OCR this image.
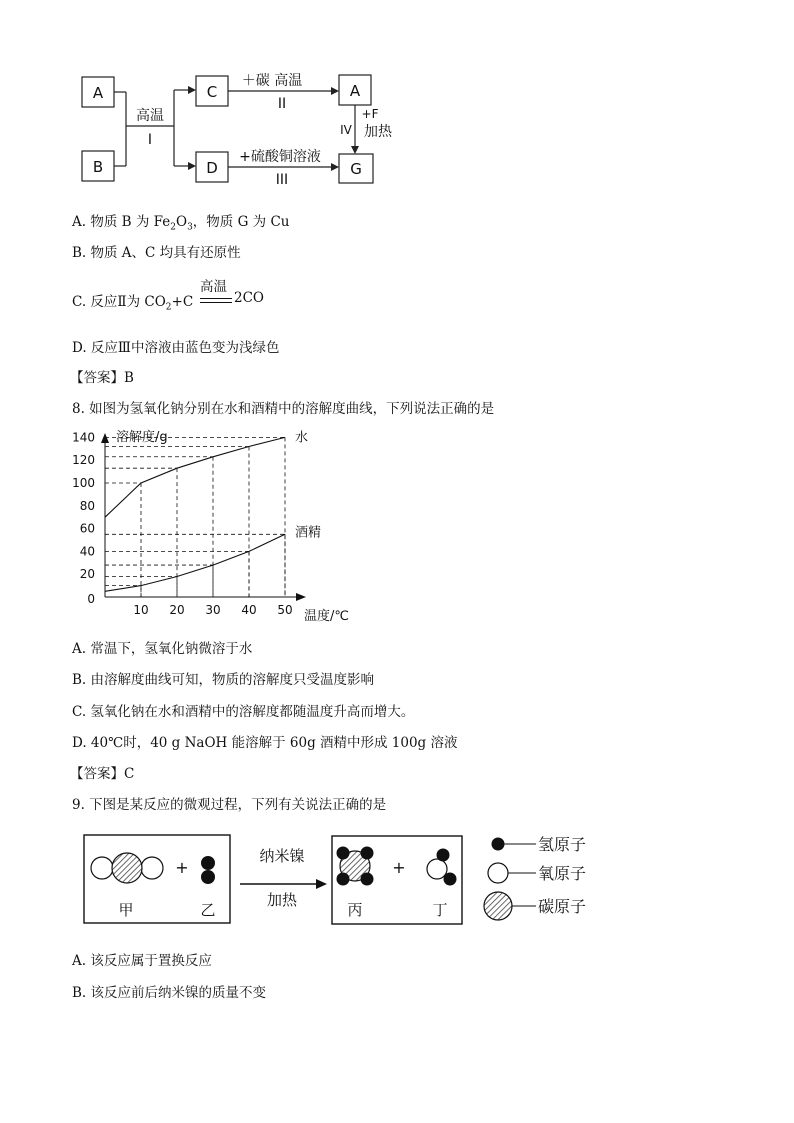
A
B
C
D
A
G
高温
I
＋碳 高温
II
+硫酸铜溶液
III
+F
加热
IV
A. 物质 B 为 $Fe_2O_3$，物质 G 为 Cu
B. 物质 A、C 均具有还原性
C. 反应Ⅱ为 $CO_2+C$
高温
2CO
D. 反应Ⅲ中溶液由蓝色变为浅绿色
【答案】B
8. 如图为氢氧化钠分别在水和酒精中的溶解度曲线，下列说法正确的是
10 20 30 40 50
20
40
60
80
100
120
140	水
酒精
溶解度/g
温度/℃
0
A. 常温下，氢氧化钠微溶于水
B. 由溶解度曲线可知，物质的溶解度只受温度影响
C. 氢氧化钠在水和酒精中的溶解度都随温度升高而增大。
D. 40℃时，40 g NaOH 能溶解于 60g 酒精中形成 100g 溶液
【答案】C
9. 下图是某反应的微观过程，下列有关说法正确的是
+
甲	乙
纳米镍
加热
+
丙	丁
氢原子
氧原子
碳原子
A. 该反应属于置换反应
B. 该反应前后纳米镍的质量不变
